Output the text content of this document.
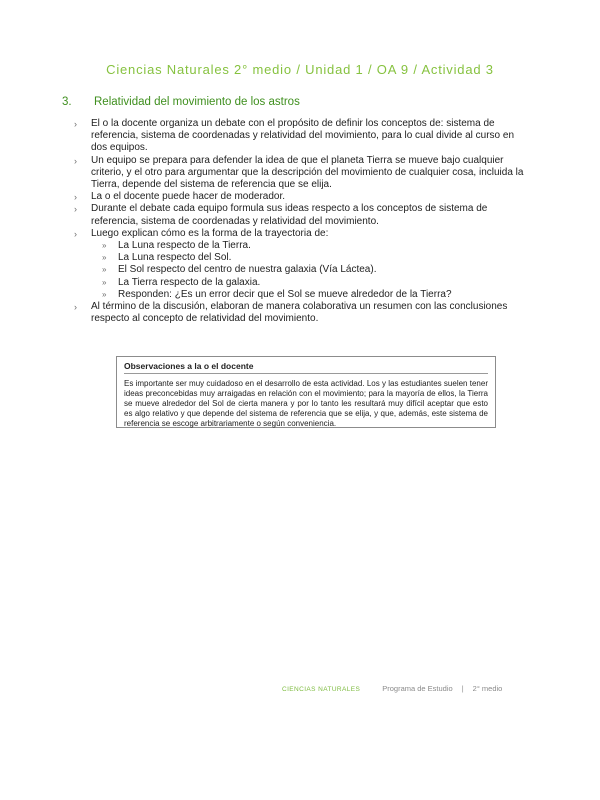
Ciencias Naturales 2° medio / Unidad 1 / OA 9 / Actividad 3
3. Relatividad del movimiento de los astros
› El o la docente organiza un debate con el propósito de definir los conceptos de: sistema de referencia, sistema de coordenadas y relatividad del movimiento, para lo cual divide al curso en dos equipos.
› Un equipo se prepara para defender la idea de que el planeta Tierra se mueve bajo cualquier criterio, y el otro para argumentar que la descripción del movimiento de cualquier cosa, incluida la Tierra, depende del sistema de referencia que se elija.
› La o el docente puede hacer de moderador.
› Durante el debate cada equipo formula sus ideas respecto a los conceptos de sistema de referencia, sistema de coordenadas y relatividad del movimiento.
› Luego explican cómo es la forma de la trayectoria de:
» La Luna respecto de la Tierra.
» La Luna respecto del Sol.
» El Sol respecto del centro de nuestra galaxia (Vía Láctea).
» La Tierra respecto de la galaxia.
» Responden: ¿Es un error decir que el Sol se mueve alrededor de la Tierra?
› Al término de la discusión, elaboran de manera colaborativa un resumen con las conclusiones respecto al concepto de relatividad del movimiento.
Observaciones a la o el docente
Es importante ser muy cuidadoso en el desarrollo de esta actividad. Los y las estudiantes suelen tener ideas preconcebidas muy arraigadas en relación con el movimiento; para la mayoría de ellos, la Tierra se mueve alrededor del Sol de cierta manera y por lo tanto les resultará muy difícil aceptar que esto es algo relativo y que depende del sistema de referencia que se elija, y que, además, este sistema de referencia se escoge arbitrariamente o según conveniencia.
CIENCIAS NATURALES	Programa de Estudio | 2° medio
